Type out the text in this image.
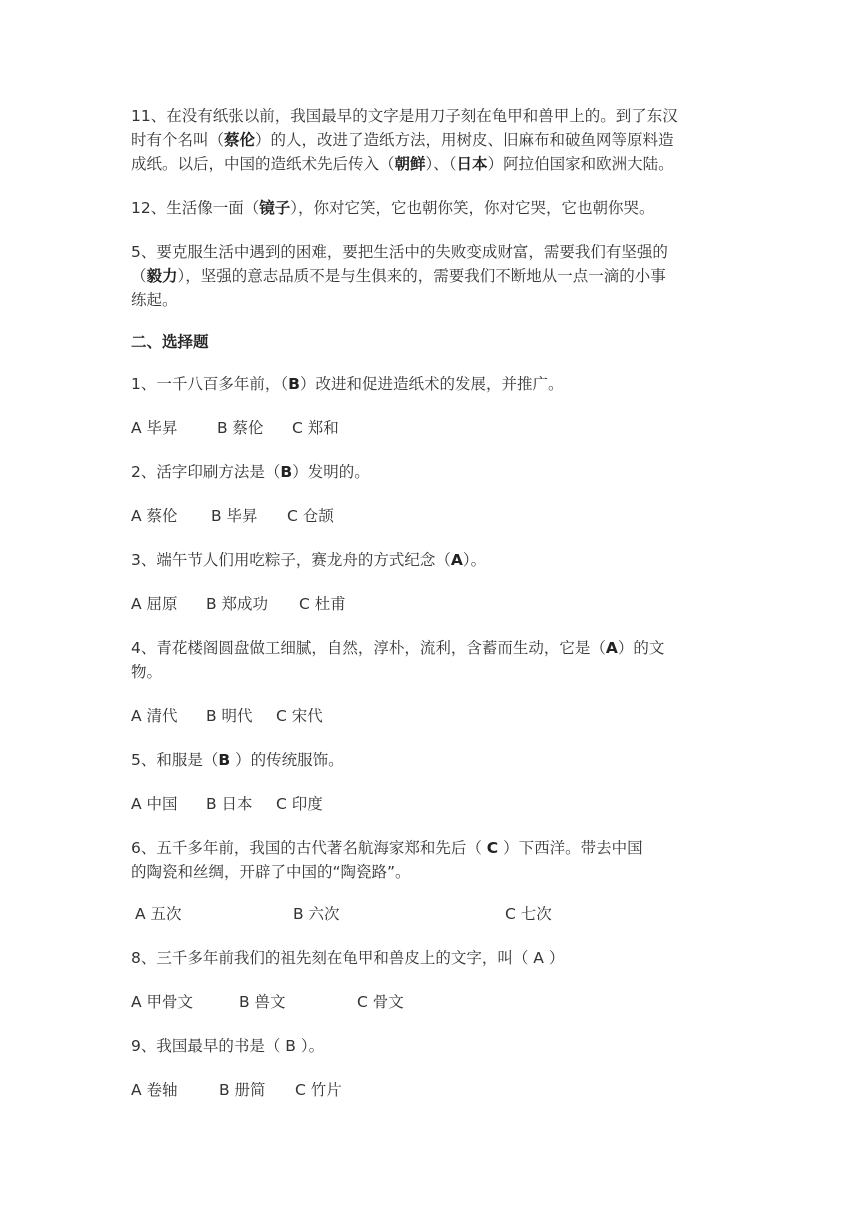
11、在没有纸张以前，我国最早的文字是用刀子刻在龟甲和兽甲上的。到了东汉
时有个名叫（蔡伦）的人，改进了造纸方法，用树皮、旧麻布和破鱼网等原料造
成纸。以后，中国的造纸术先后传入（朝鲜）、（日本）阿拉伯国家和欧洲大陆。
12、生活像一面（镜子），你对它笑，它也朝你笑，你对它哭，它也朝你哭。
5、要克服生活中遇到的困难，要把生活中的失败变成财富，需要我们有坚强的
（毅力），坚强的意志品质不是与生俱来的，需要我们不断地从一点一滴的小事
练起。
二、选择题
1、一千八百多年前，（B）改进和促进造纸术的发展，并推广。
A 毕昇	B 蔡伦 C 郑和
2、活字印刷方法是（B）发明的。
A 蔡伦 B 毕昇 C 仓颉
3、端午节人们用吃粽子，赛龙舟的方式纪念（A）。
A 屈原 B 郑成功 C 杜甫
4、青花楼阁圆盘做工细腻，自然，淳朴，流利，含蓄而生动，它是（A）的文
物。
A 清代 B 明代 C 宋代
5、和服是（B ）的传统服饰。
A 中国 B 日本 C 印度
6、五千多年前，我国的古代著名航海家郑和先后（ C ）下西洋。带去中国
的陶瓷和丝绸，开辟了中国的“陶瓷路”。
A 五次	B 六次	C 七次
8、三千多年前我们的祖先刻在龟甲和兽皮上的文字，叫（ A ）
A 甲骨文	B 兽文	C 骨文
9、我国最早的书是（ B ）。
A 卷轴	B 册简 C 竹片
